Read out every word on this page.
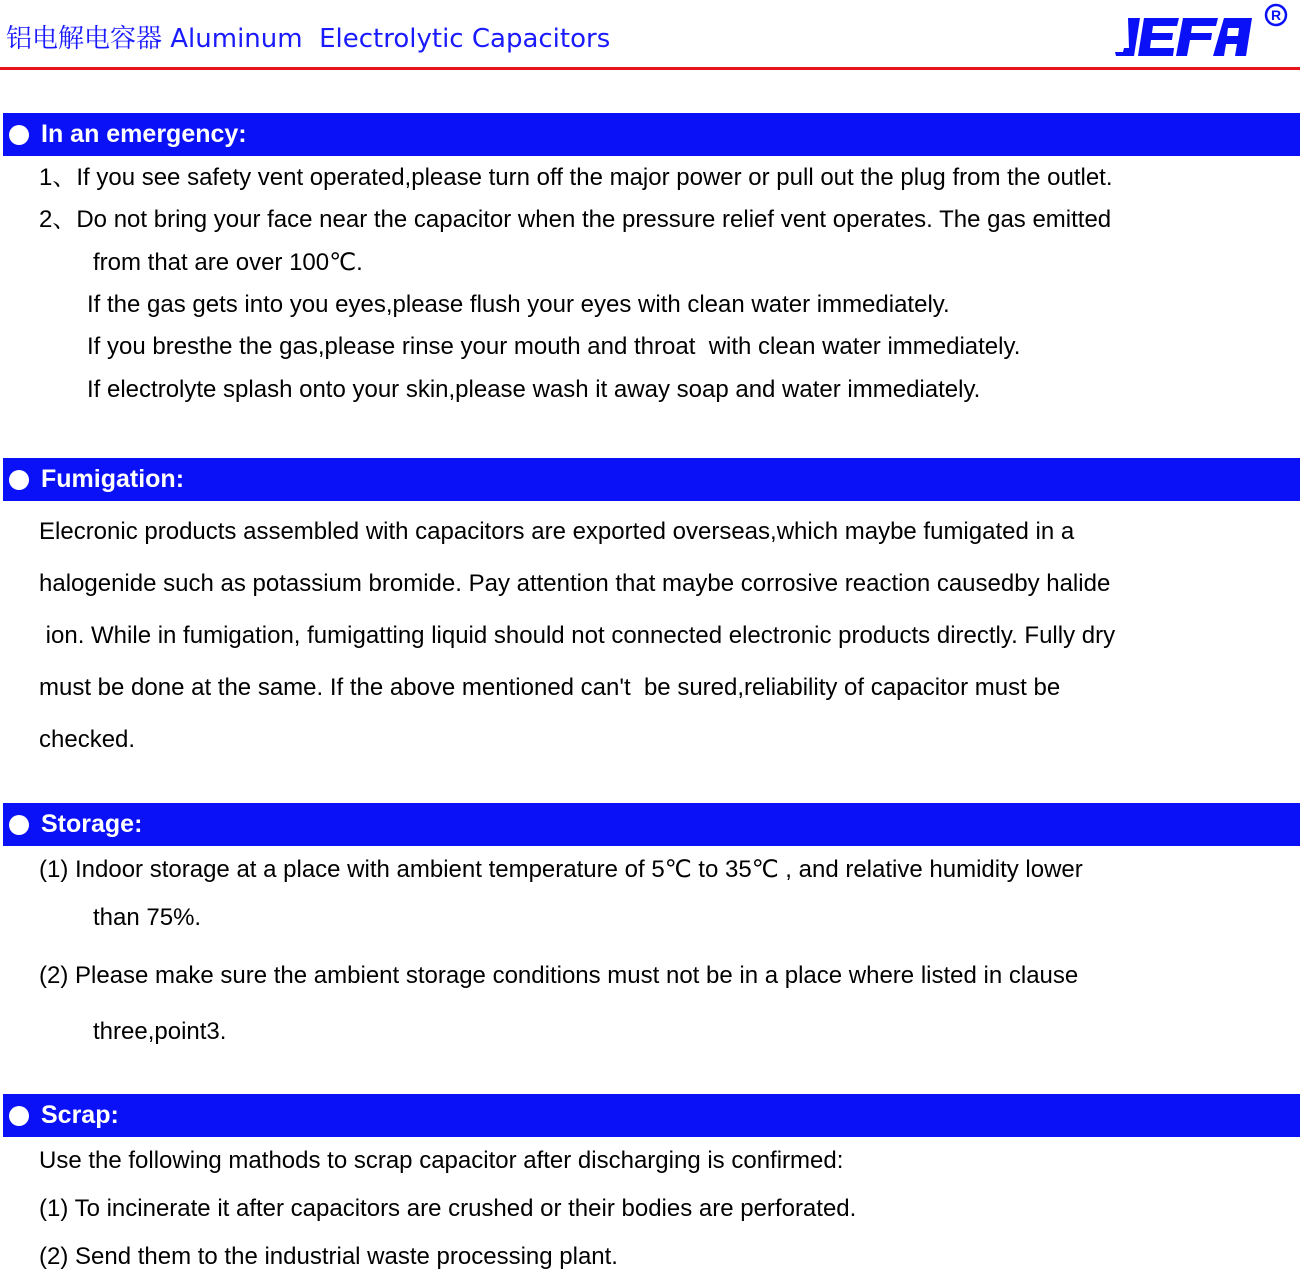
铝电解电容器 Aluminum  Electrolytic Capacitors
R
In an emergency:
1、If you see safety vent operated,please turn off the major power or pull out the plug from the outlet.
2、Do not bring your face near the capacitor when the pressure relief vent operates. The gas emitted
from that are over 100℃.
If the gas gets into you eyes,please flush your eyes with clean water immediately.
If you bresthe the gas,please rinse your mouth and throat  with clean water immediately.
If electrolyte splash onto your skin,please wash it away soap and water immediately.
Fumigation:
Elecronic products assembled with capacitors are exported overseas,which maybe fumigated in a
halogenide such as potassium bromide. Pay attention that maybe corrosive reaction causedby halide
ion. While in fumigation, fumigatting liquid should not connected electronic products directly. Fully dry
must be done at the same. If the above mentioned can't  be sured,reliability of capacitor must be
checked.
Storage:
(1) Indoor storage at a place with ambient temperature of 5℃ to 35℃ , and relative humidity lower
than 75%.
(2) Please make sure the ambient storage conditions must not be in a place where listed in clause
three,point3.
Scrap:
Use the following mathods to scrap capacitor after discharging is confirmed:
(1) To incinerate it after capacitors are crushed or their bodies are perforated.
(2) Send them to the industrial waste processing plant.
